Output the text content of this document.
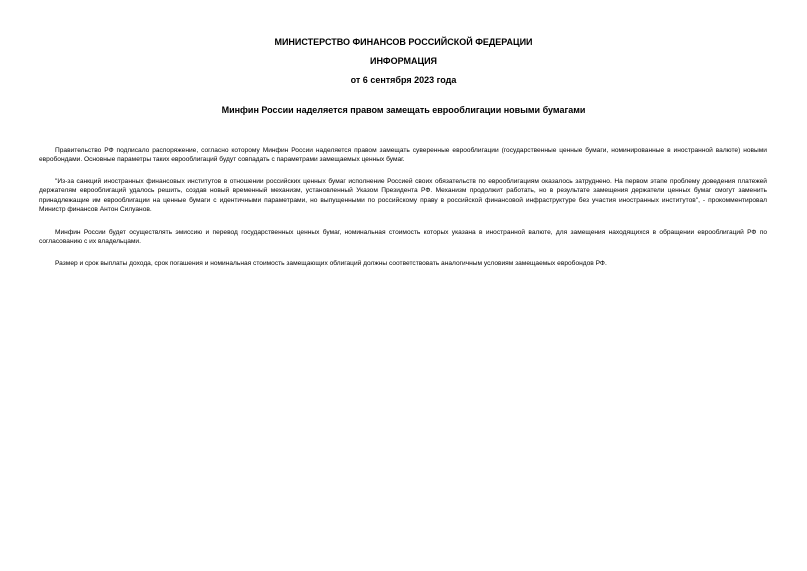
МИНИСТЕРСТВО ФИНАНСОВ РОССИЙСКОЙ ФЕДЕРАЦИИ
ИНФОРМАЦИЯ
от 6 сентября 2023 года
Минфин России наделяется правом замещать еврооблигации новыми бумагами

Правительство РФ подписало распоряжение, согласно которому Минфин России наделяется правом замещать суверенные еврооблигации (государственные ценные бумаги, номинированные в иностранной валюте) новыми евробондами. Основные параметры таких еврооблигаций будут совпадать с параметрами замещаемых ценных бумаг.

"Из-за санкций иностранных финансовых институтов в отношении российских ценных бумаг исполнение Россией своих обязательств по еврооблигациям оказалось затруднено. На первом этапе проблему доведения платежей держателям еврооблигаций удалось решить, создав новый временный механизм, установленный Указом Президента РФ. Механизм продолжит работать, но в результате замещения держатели ценных бумаг смогут заменить принадлежащие им еврооблигации на ценные бумаги с идентичными параметрами, но выпущенными по российскому праву в российской финансовой инфраструктуре без участия иностранных институтов", - прокомментировал Министр финансов Антон Силуанов.

Минфин России будет осуществлять эмиссию и перевод государственных ценных бумаг, номинальная стоимость которых указана в иностранной валюте, для замещения находящихся в обращении еврооблигаций РФ по согласованию с их владельцами.

Размер и срок выплаты дохода, срок погашения и номинальная стоимость замещающих облигаций должны соответствовать аналогичным условиям замещаемых евробондов РФ.
